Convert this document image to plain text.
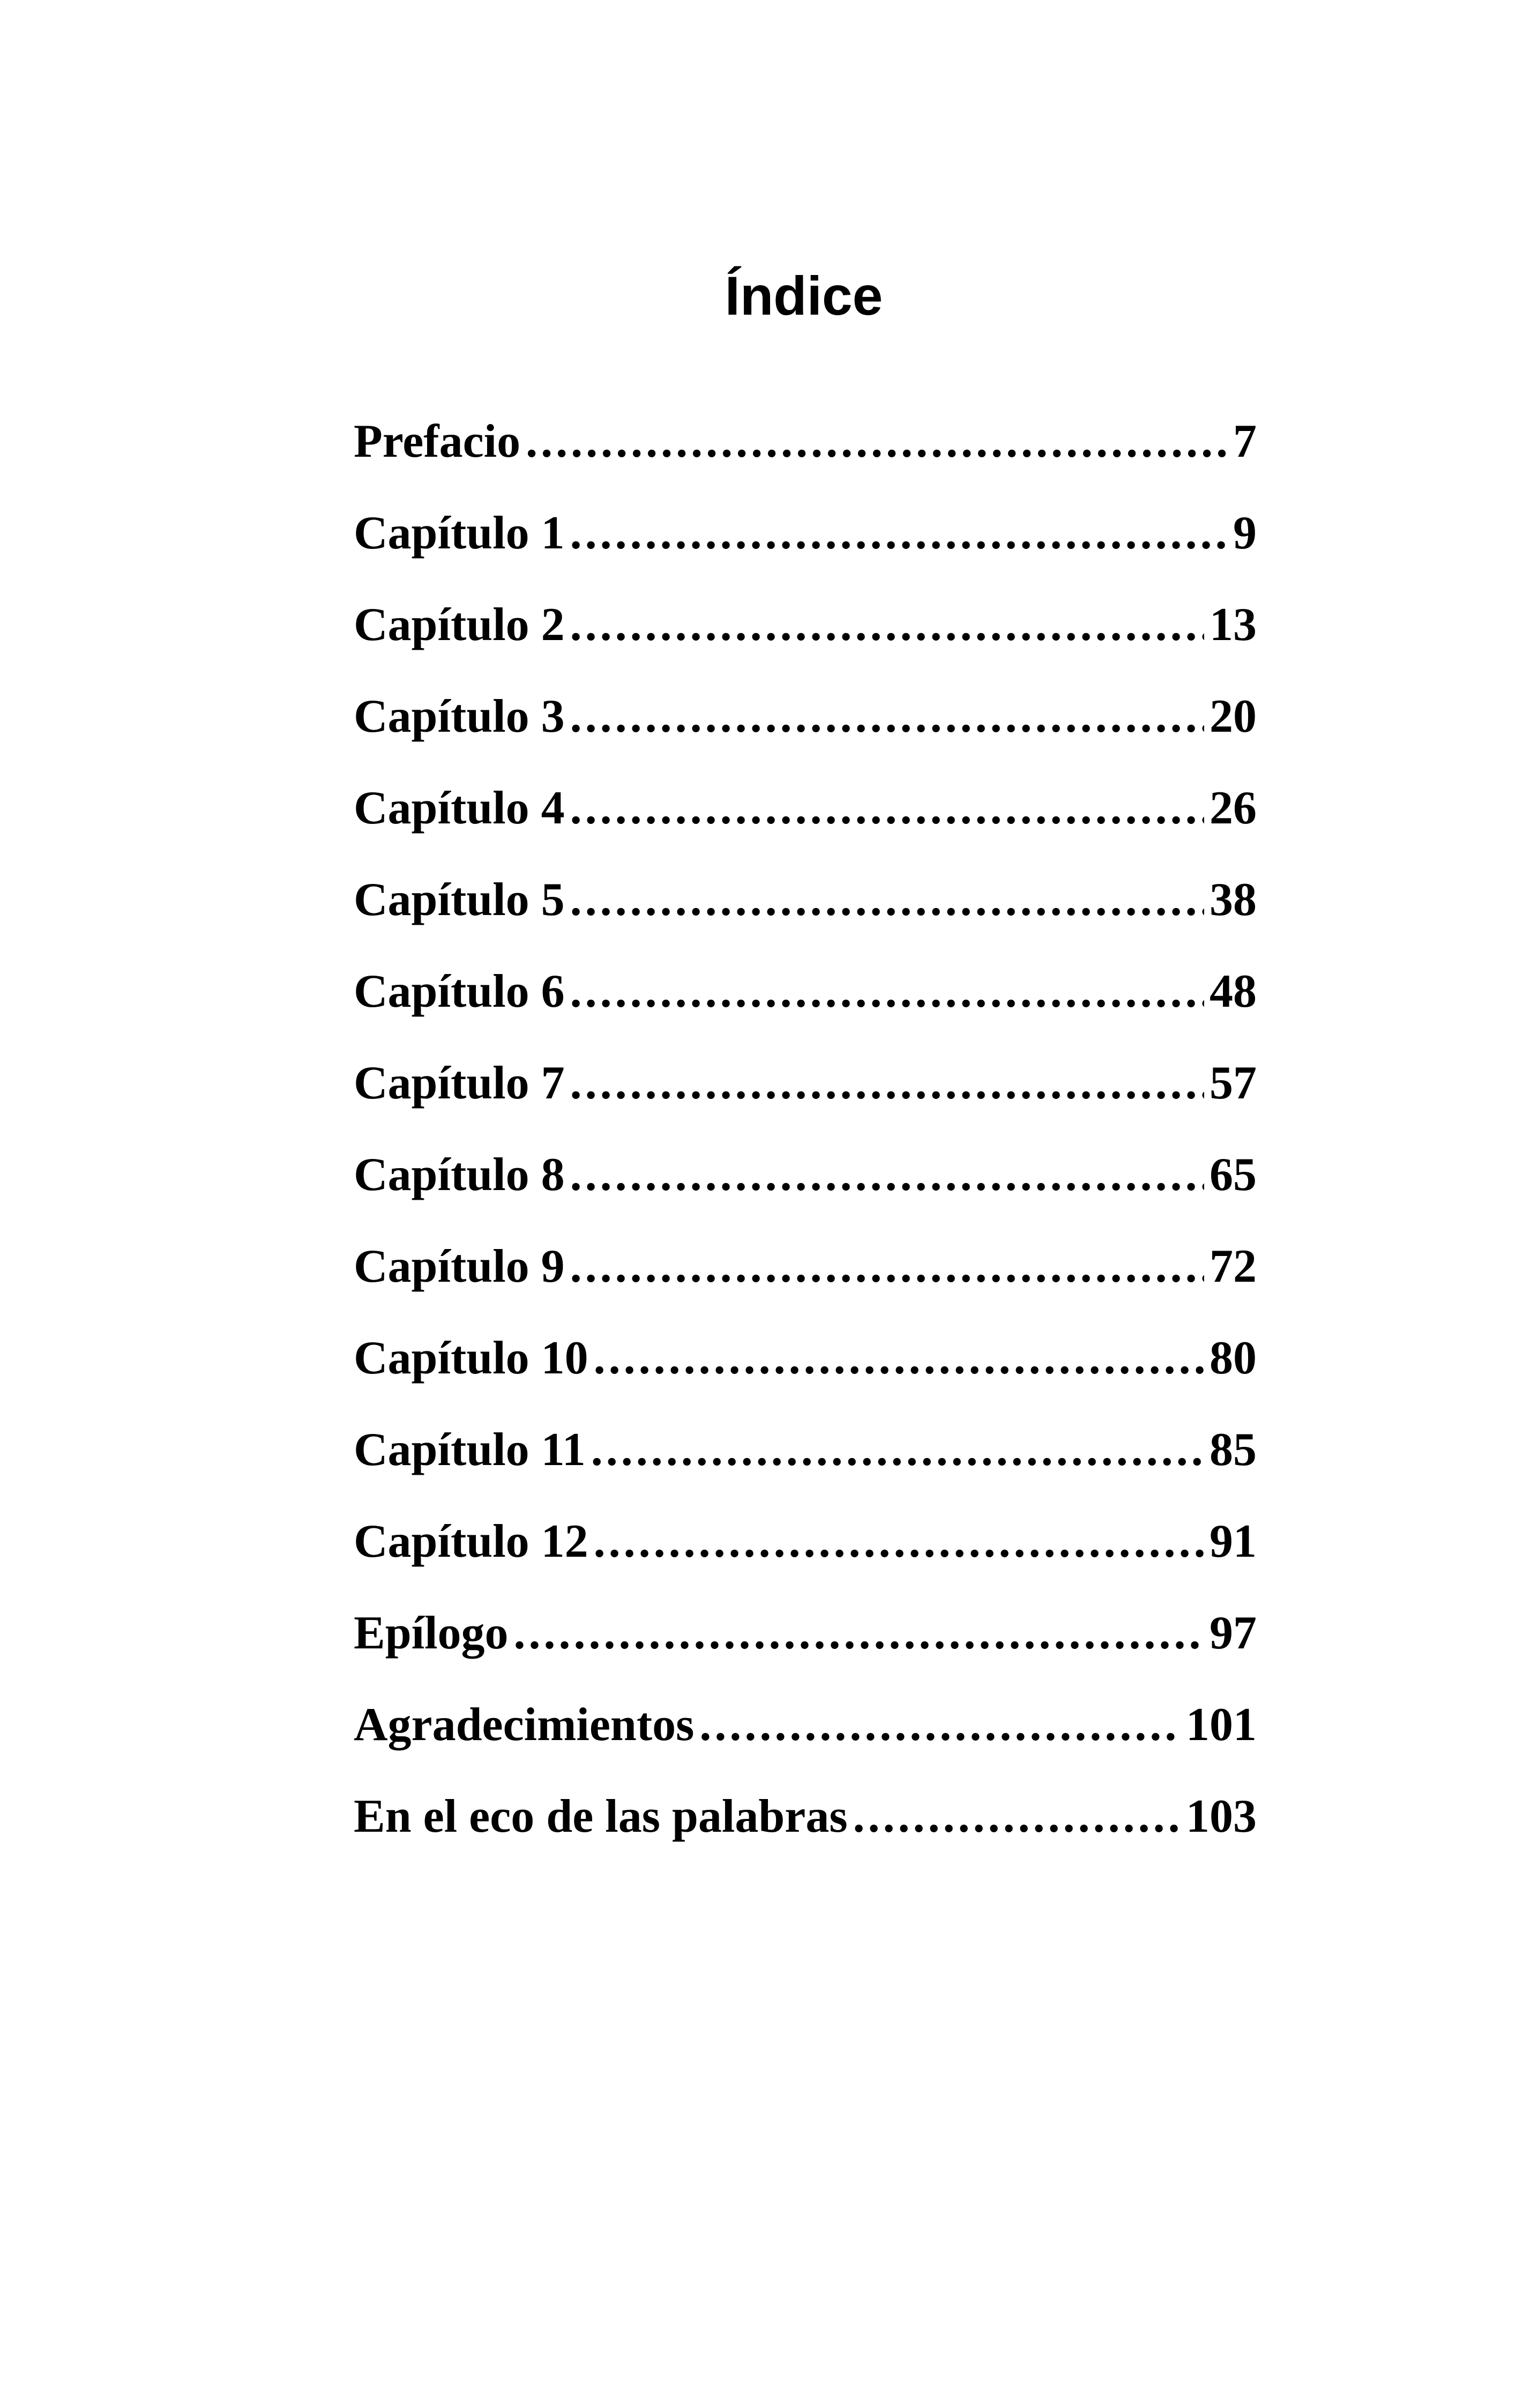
Índice
Prefacio .....	7
Capítulo 1 .....	9
Capítulo 2 .....	13
Capítulo 3 .....	20
Capítulo 4 .....	26
Capítulo 5 .....	38
Capítulo 6 .....	48
Capítulo 7 .....	57
Capítulo 8 .....	65
Capítulo 9 .....	72
Capítulo 10 .....	80
Capítulo 11 .....	85
Capítulo 12 .....	91
Epílogo .....	97
Agradecimientos .....	101
En el eco de las palabras .....	103
